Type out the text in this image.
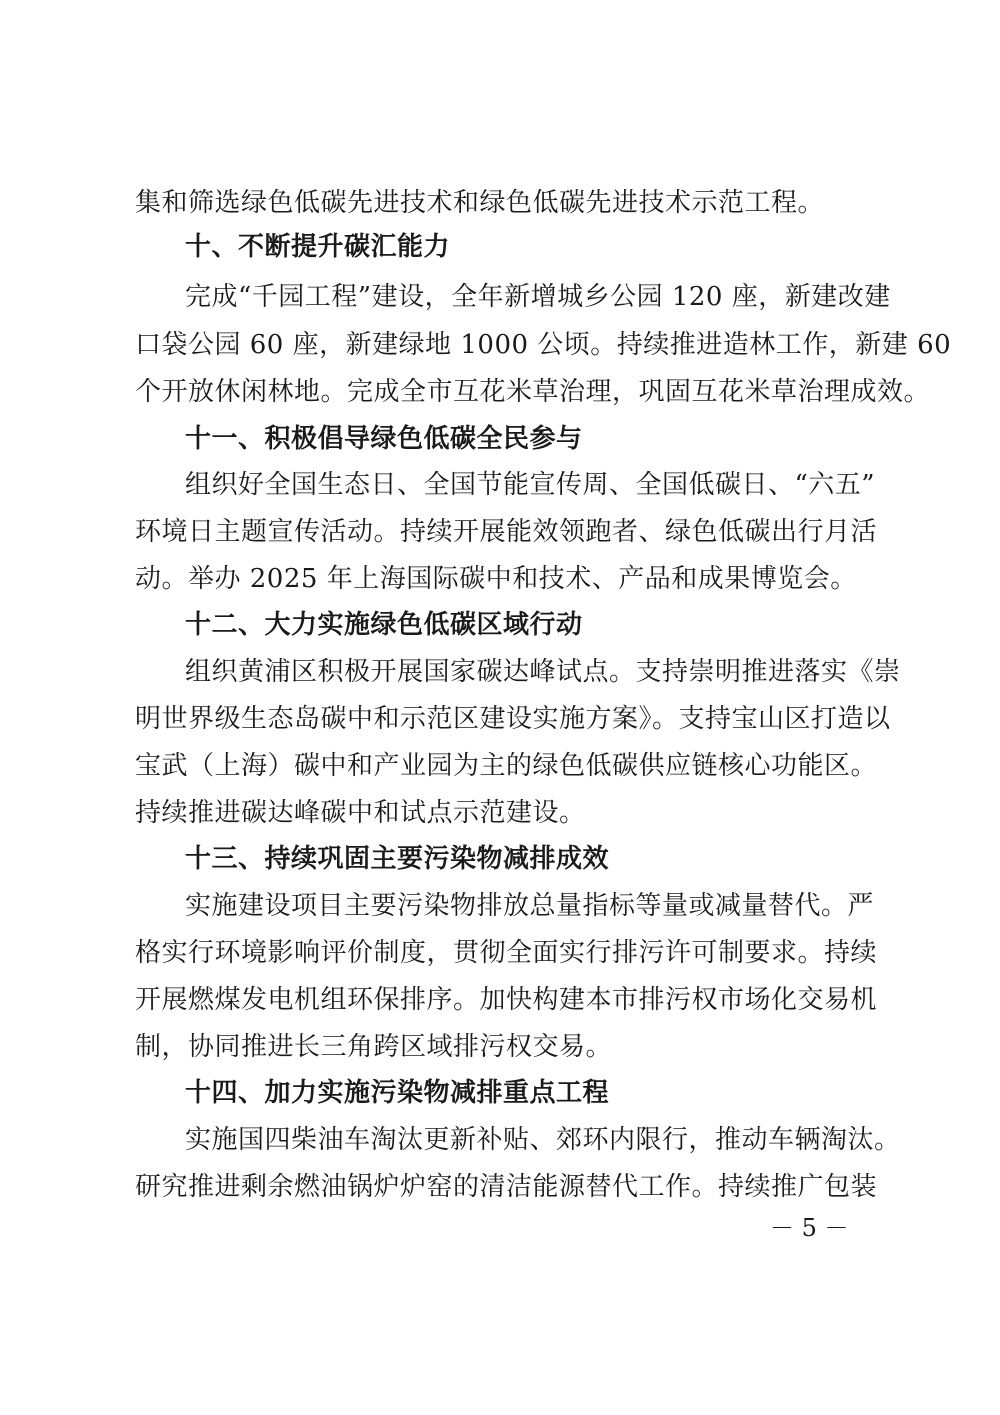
集和筛选绿色低碳先进技术和绿色低碳先进技术示范工程。
十、不断提升碳汇能力
完成“千园工程”建设，全年新增城乡公园 120 座，新建改建
口袋公园 60 座，新建绿地 1000 公顷。持续推进造林工作，新建 60
个开放休闲林地。完成全市互花米草治理，巩固互花米草治理成效。
十一、积极倡导绿色低碳全民参与
组织好全国生态日、全国节能宣传周、全国低碳日、“六五”
环境日主题宣传活动。持续开展能效领跑者、绿色低碳出行月活
动。举办 2025 年上海国际碳中和技术、产品和成果博览会。
十二、大力实施绿色低碳区域行动
组织黄浦区积极开展国家碳达峰试点。支持崇明推进落实《崇
明世界级生态岛碳中和示范区建设实施方案》。支持宝山区打造以
宝武（上海）碳中和产业园为主的绿色低碳供应链核心功能区。
持续推进碳达峰碳中和试点示范建设。
十三、持续巩固主要污染物减排成效
实施建设项目主要污染物排放总量指标等量或减量替代。严
格实行环境影响评价制度，贯彻全面实行排污许可制要求。持续
开展燃煤发电机组环保排序。加快构建本市排污权市场化交易机
制，协同推进长三角跨区域排污权交易。
十四、加力实施污染物减排重点工程
实施国四柴油车淘汰更新补贴、郊环内限行，推动车辆淘汰。
研究推进剩余燃油锅炉炉窑的清洁能源替代工作。持续推广包装
－ 5 －
